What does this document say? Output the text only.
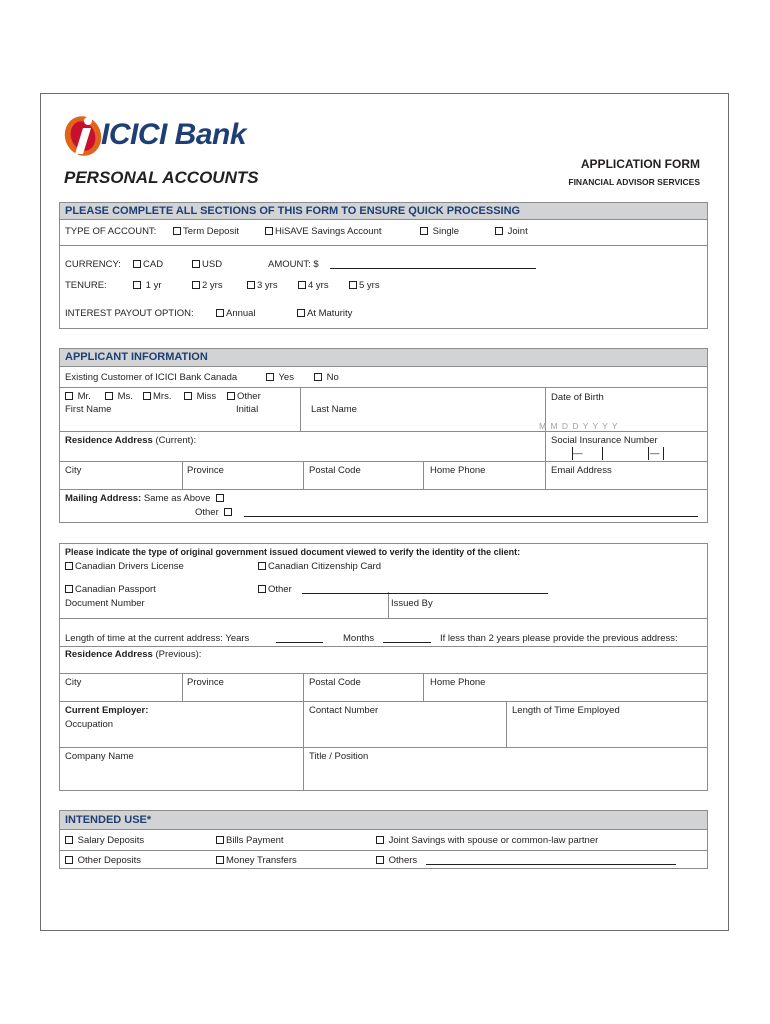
ICICI Bank
APPLICATION FORM
FINANCIAL ADVISOR SERVICES
PERSONAL ACCOUNTS
PLEASE COMPLETE ALL SECTIONS OF THIS FORM TO ENSURE QUICK PROCESSING
TYPE OF ACCOUNT:	Term Deposit	HiSAVE Savings Account	Single	Joint
CURRENCY:	CAD	USD	AMOUNT: $
TENURE:	1 yr	2 yrs	3 yrs	4 yrs	5 yrs
INTEREST PAYOUT OPTION:	Annual	At Maturity
APPLICANT INFORMATION
Existing Customer of ICICI Bank Canada	Yes	No
Mr.	Ms.	Mrs.	Miss	Other
First Name	Initial	Last Name
Date of Birth
M M D D Y Y Y Y
Residence Address (Current):	Social Insurance Number
—	—
City	Province	Postal Code	Home Phone	Email Address
Mailing Address: Same as Above
Other
Please indicate the type of original government issued document viewed to verify the identity of the client:
Canadian Drivers License	Canadian Citizenship Card
Canadian Passport	Other
Document Number	Issued By
Length of time at the current address: Years	Months	If less than 2 years please provide the previous address:
Residence Address (Previous):
City	Province	Postal Code	Home Phone
Current Employer:
Occupation
Contact Number	Length of Time Employed
Company Name	Title / Position
INTENDED USE*
Salary Deposits	Bills Payment	Joint Savings with spouse or common-law partner
Other Deposits	Money Transfers	Others
